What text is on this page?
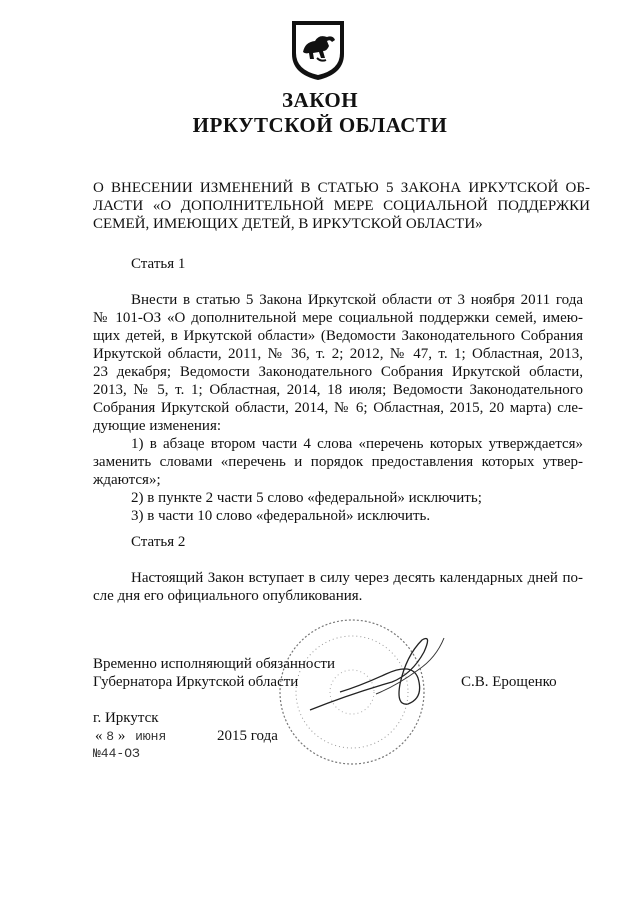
ЗАКОН
ИРКУТСКОЙ ОБЛАСТИ
О ВНЕСЕНИИ ИЗМЕНЕНИЙ В СТАТЬЮ 5 ЗАКОНА ИРКУТСКОЙ ОБ-
ЛАСТИ «О ДОПОЛНИТЕЛЬНОЙ МЕРЕ СОЦИАЛЬНОЙ ПОДДЕРЖКИ
СЕМЕЙ, ИМЕЮЩИХ ДЕТЕЙ, В ИРКУТСКОЙ ОБЛАСТИ»
Статья 1
Внести в статью 5 Закона Иркутской области от 3 ноября 2011 года
№ 101-ОЗ «О дополнительной мере социальной поддержки семей, имею-
щих детей, в Иркутской области» (Ведомости Законодательного Собрания
Иркутской области, 2011, № 36, т. 2; 2012, № 47, т. 1; Областная, 2013,
23 декабря; Ведомости Законодательного Собрания Иркутской области,
2013, № 5, т. 1; Областная, 2014, 18 июля; Ведомости Законодательного
Собрания Иркутской области, 2014, № 6; Областная, 2015, 20 марта) сле-
дующие изменения:
1) в абзаце втором части 4 слова «перечень которых утверждается»
заменить словами «перечень и порядок предоставления которых утвер-
ждаются»;
2) в пункте 2 части 5 слово «федеральной» исключить;
3) в части 10 слово «федеральной» исключить.
Статья 2
Настоящий Закон вступает в силу через десять календарных дней по-
сле дня его официального опубликования.
Временно исполняющий обязанности
Губернатора Иркутской области	С.В. Ерощенко
г. Иркутск
« 8 » июня	2015 года
№44-ОЗ
